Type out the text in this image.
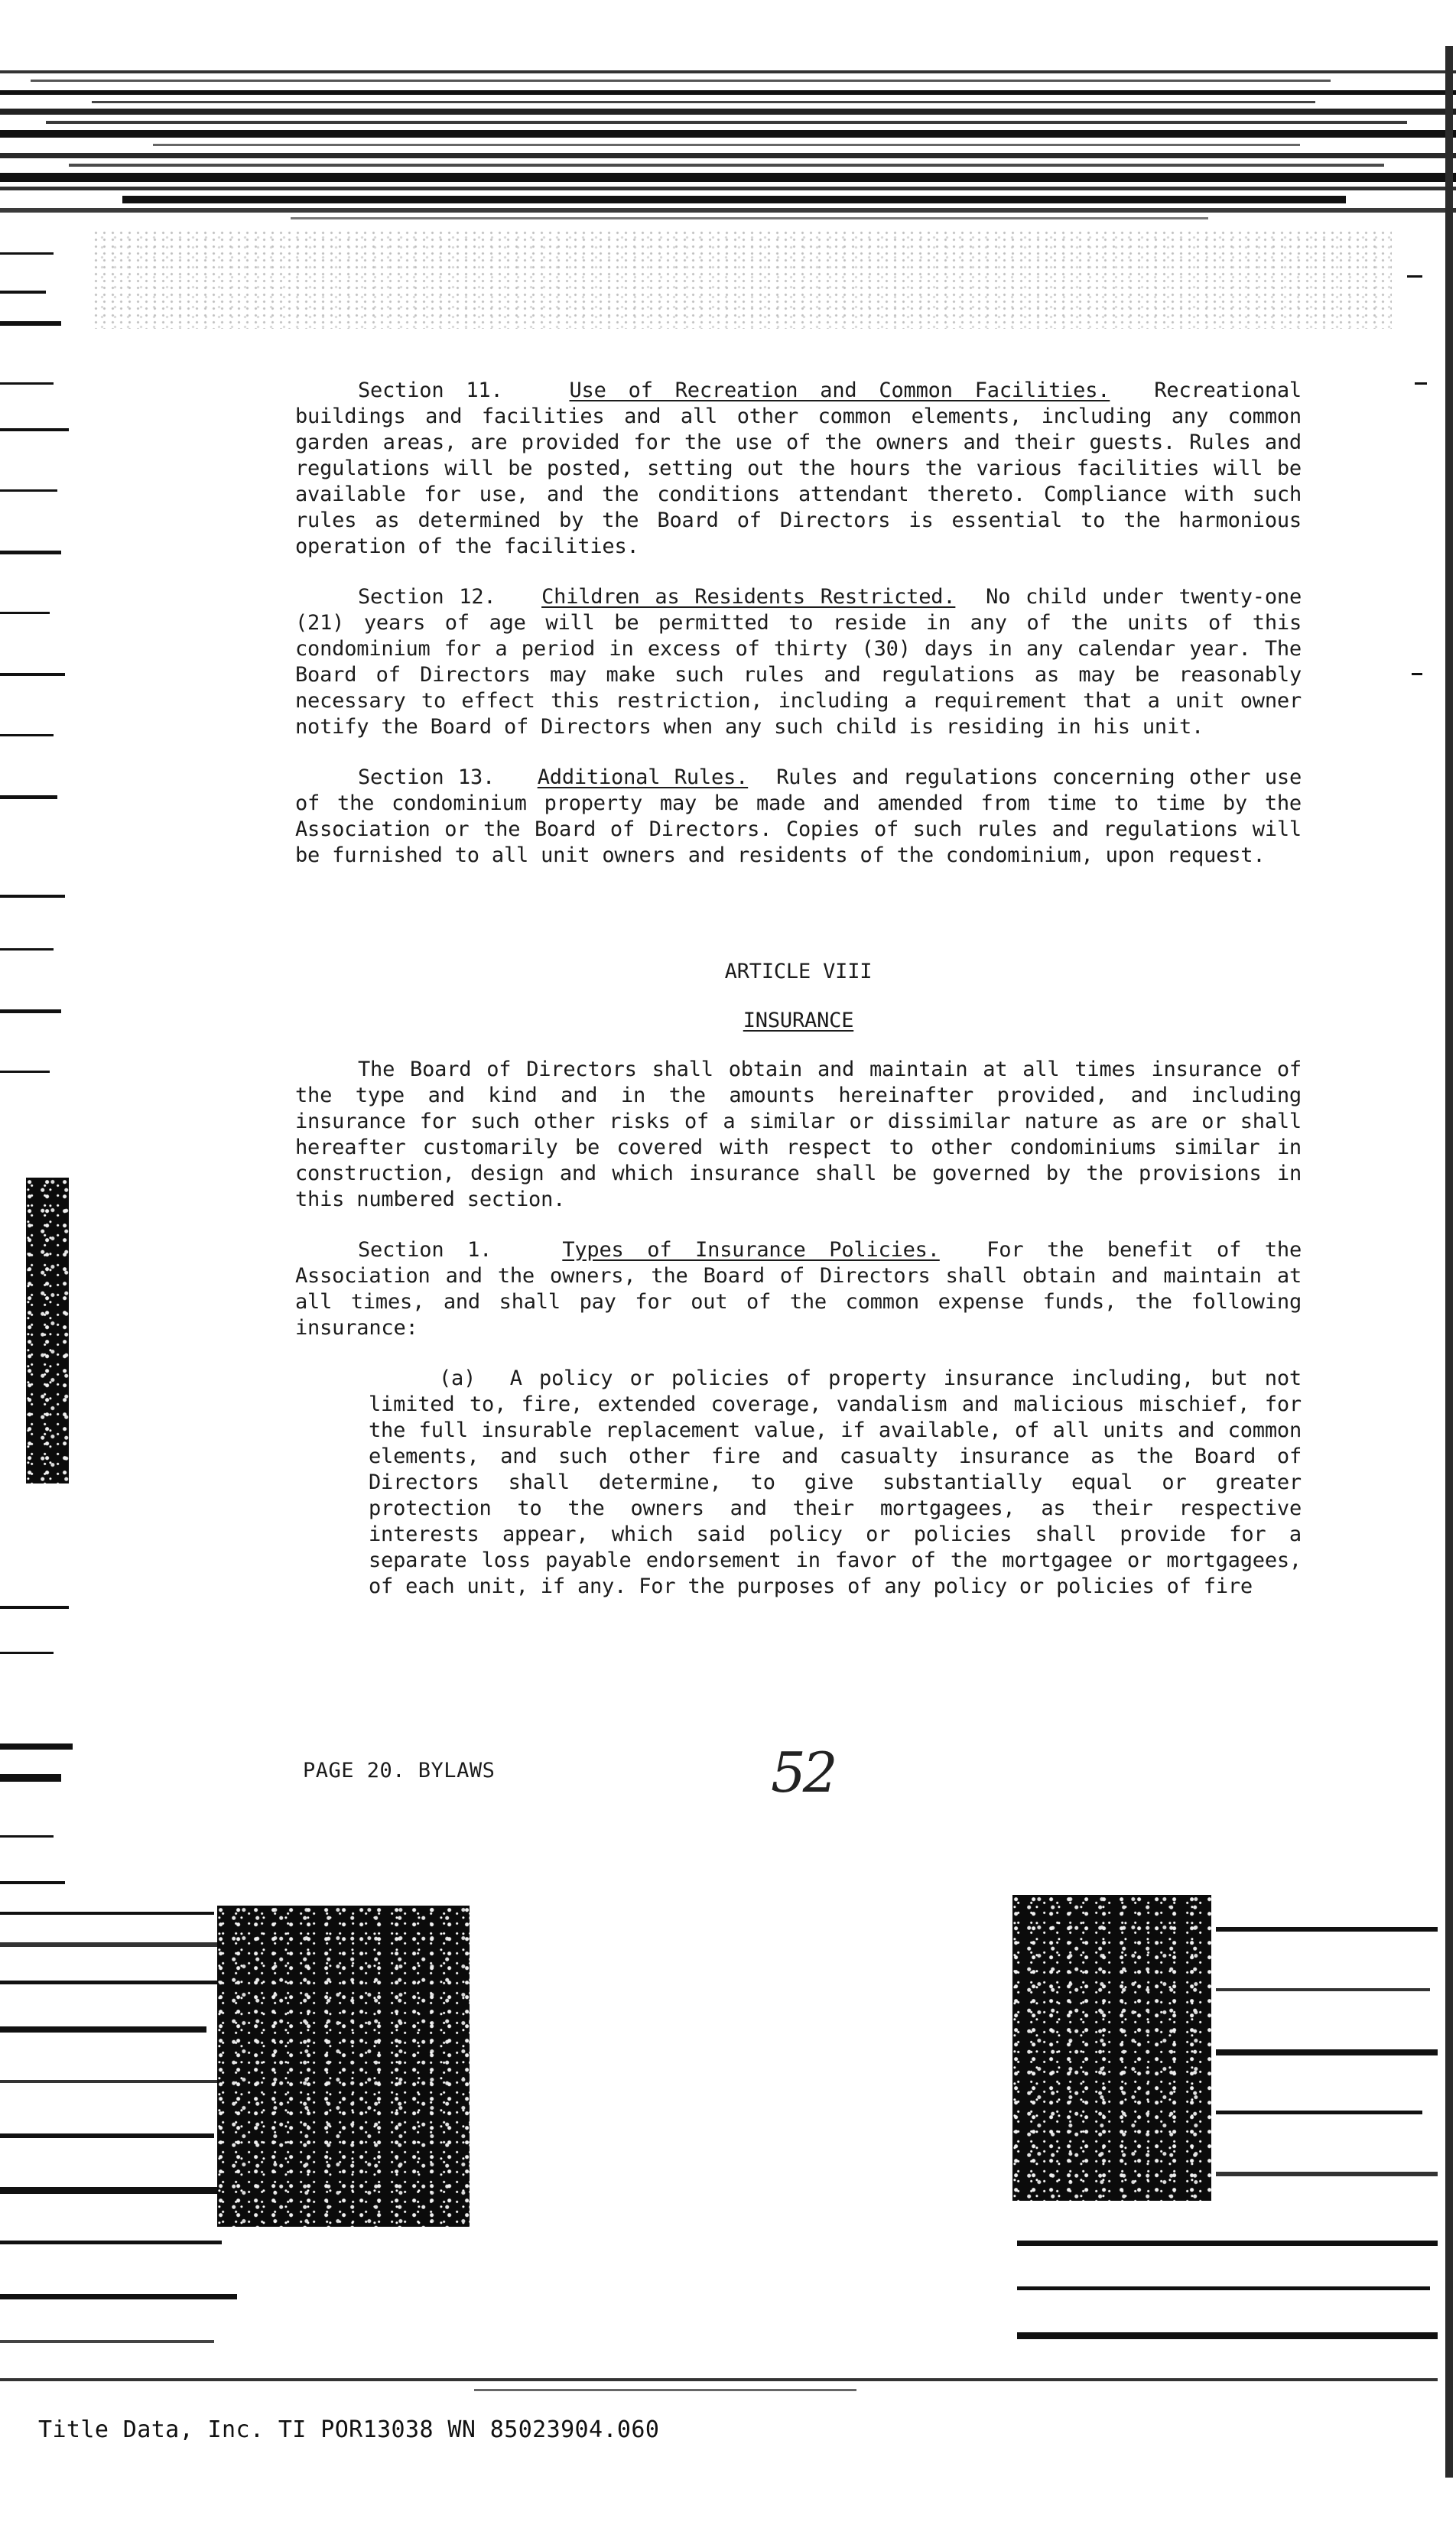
Section 11.	Use of Recreation and Common Facilities. Recreational buildings and facilities and all other common elements, including any common garden areas, are provided for the use of the owners and their guests. Rules and regulations will be posted, setting out the hours the various facilities will be available for use, and the conditions attendant thereto. Compliance with such rules as determined by the Board of Directors is essential to the harmonious operation of the facilities.

Section 12. Children as Residents Restricted. No child under twenty-one (21) years of age will be permitted to reside in any of the units of this condominium for a period in excess of thirty (30) days in any calendar year. The Board of Directors may make such rules and regulations as may be reasonably necessary to effect this restriction, including a requirement that a unit owner notify the Board of Directors when any such child is residing in his unit.

Section 13. Additional Rules. Rules and regulations concerning other use of the condominium property may be made and amended from time to time by the Association or the Board of Directors. Copies of such rules and regulations will be furnished to all unit owners and residents of the condominium, upon request.

ARTICLE VIII

INSURANCE

The Board of Directors shall obtain and maintain at all times insurance of the type and kind and in the amounts hereinafter provided, and including insurance for such other risks of a similar or dissimilar nature as are or shall hereafter customarily be covered with respect to other condominiums similar in construction, design and which insurance shall be governed by the provisions in this numbered section.

Section 1.	Types of Insurance Policies. For the benefit of the Association and the owners, the Board of Directors shall obtain and maintain at all times, and shall pay for out of the common expense funds, the following insurance:

(a) A policy or policies of property insurance including, but not limited to, fire, extended coverage, vandalism and malicious mischief, for the full insurable replacement value, if available, of all units and common elements, and such other fire and casualty insurance as the Board of Directors shall determine, to give substantially equal or greater protection to the owners and their mortgagees, as their respective interests appear, which said policy or policies shall provide for a separate loss payable endorsement in favor of the mortgagee or mortgagees, of each unit, if any. For the purposes of any policy or policies of fire

PAGE 20. BYLAWS	52
Title Data, Inc. TI POR13038 WN 85023904.060
